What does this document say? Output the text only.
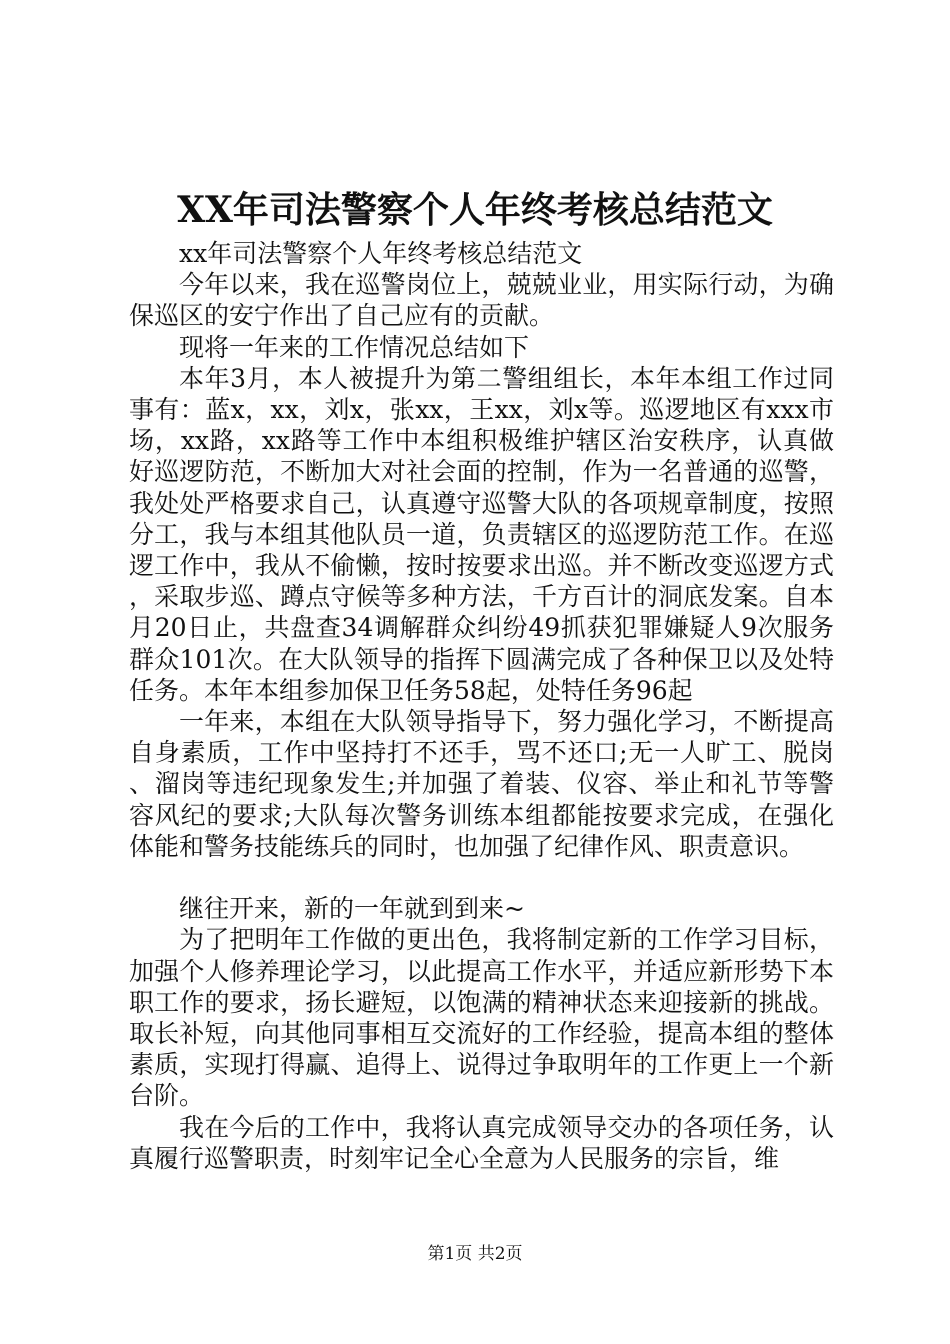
XX年司法警察个人年终考核总结范文

xx年司法警察个人年终考核总结范文

今年以来，我在巡警岗位上，兢兢业业，用实际行动，为确保巡区的安宁作出了自己应有的贡献。

现将一年来的工作情况总结如下

本年3月，本人被提升为第二警组组长，本年本组工作过同事有：蓝x，xx，刘x，张xx，王xx，刘x等。巡逻地区有xxx市场，xx路，xx路等工作中本组积极维护辖区治安秩序，认真做好巡逻防范，不断加大对社会面的控制，作为一名普通的巡警，我处处严格要求自己，认真遵守巡警大队的各项规章制度，按照分工，我与本组其他队员一道，负责辖区的巡逻防范工作。在巡逻工作中，我从不偷懒，按时按要求出巡。并不断改变巡逻方式，采取步巡、蹲点守候等多种方法，千方百计的洞底发案。自本月20日止，共盘查34调解群众纠纷49抓获犯罪嫌疑人9次服务群众101次。在大队领导的指挥下圆满完成了各种保卫以及处特任务。本年本组参加保卫任务58起，处特任务96起

一年来，本组在大队领导指导下，努力强化学习，不断提高自身素质，工作中坚持打不还手，骂不还口;无一人旷工、脱岗、溜岗等违纪现象发生;并加强了着装、仪容、举止和礼节等警容风纪的要求;大队每次警务训练本组都能按要求完成，在强化体能和警务技能练兵的同时，也加强了纪律作风、职责意识。

继往开来，新的一年就到到来~

为了把明年工作做的更出色，我将制定新的工作学习目标，加强个人修养理论学习，以此提高工作水平，并适应新形势下本职工作的要求，扬长避短，以饱满的精神状态来迎接新的挑战。取长补短，向其他同事相互交流好的工作经验，提高本组的整体素质，实现打得赢、追得上、说得过争取明年的工作更上一个新台阶。

我在今后的工作中，我将认真完成领导交办的各项任务，认真履行巡警职责，时刻牢记全心全意为人民服务的宗旨，维

第1页 共2页
